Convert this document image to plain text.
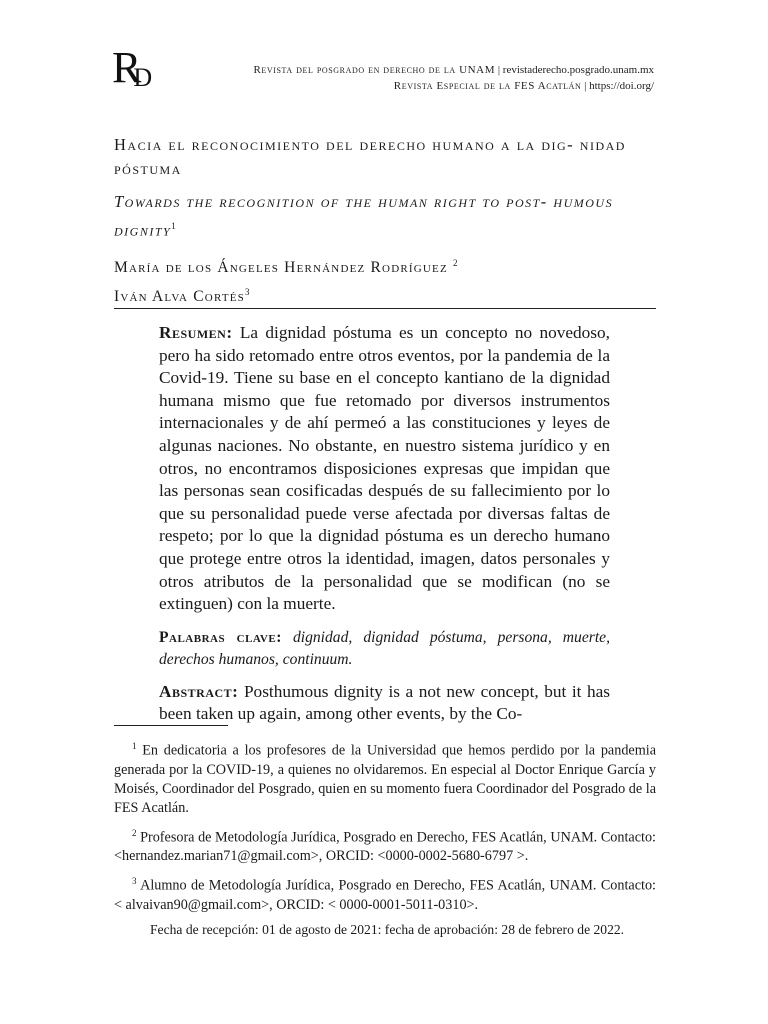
RD	Revista del posgrado en derecho de la UNAM | revistaderecho.posgrado.unam.mx
Revista Especial de la FES Acatlán | https://doi.org/
Hacia el reconocimiento del derecho humano a la dig- nidad póstuma
Towards the recognition of the human right to post- humous dignity$^1$

María de los Ángeles Hernández Rodríguez $^2$

Iván Alva Cortés$^3$

Resumen: La dignidad póstuma es un concepto no novedoso, pero ha sido retomado entre otros eventos, por la pandemia de la Covid-19. Tiene su base en el concepto kantiano de la dignidad humana mismo que fue retomado por diversos instrumentos internacionales y de ahí permeó a las constituciones y leyes de algunas naciones. No obstante, en nuestro sistema jurídico y en otros, no encontramos disposiciones expresas que impidan que las personas sean cosificadas después de su fallecimiento por lo que su personalidad puede verse afectada por diversas faltas de respeto; por lo que la dignidad póstuma es un derecho humano que protege entre otros la identidad, imagen, datos personales y otros atributos de la personalidad que se modifican (no se extinguen) con la muerte.

Palabras clave: dignidad, dignidad póstuma, persona, muerte, derechos humanos, continuum.

Abstract: Posthumous dignity is a not new concept, but it has been taken up again, among other events, by the Co-

$^1$ En dedicatoria a los profesores de la Universidad que hemos perdido por la pandemia generada por la COVID-19, a quienes no olvidaremos. En especial al Doctor Enrique García y Moisés, Coordinador del Posgrado, quien en su momento fuera Coordinador del Posgrado de la FES Acatlán.

$^2$ Profesora de Metodología Jurídica, Posgrado en Derecho, FES Acatlán, UNAM. Contacto: <hernandez.marian71@gmail.com>, ORCID: <0000-0002-5680-6797 >.

$^3$ Alumno de Metodología Jurídica, Posgrado en Derecho, FES Acatlán, UNAM. Contacto: < alvaivan90@gmail.com>, ORCID: < 0000-0001-5011-0310>.

Fecha de recepción: 01 de agosto de 2021: fecha de aprobación: 28 de febrero de 2022.
